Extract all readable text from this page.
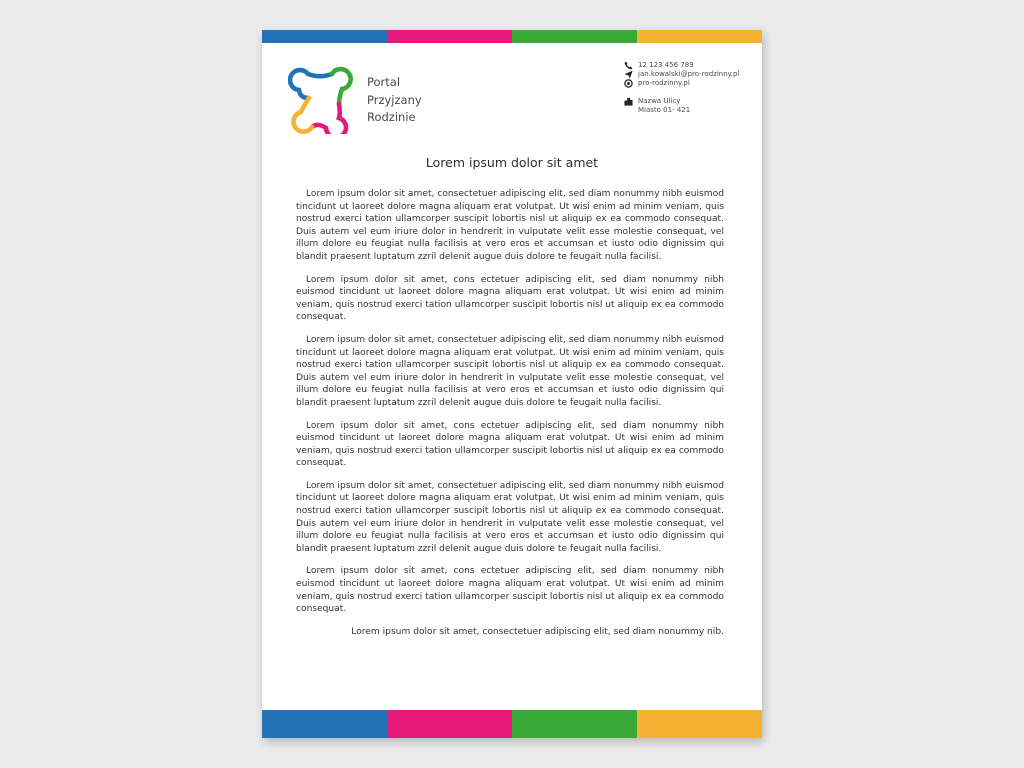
Portal
Przyjzany
Rodzinie
12 123 456 789
jan.kowalski@pro-rodzinny.pl
pro-rodzinny.pl
Nazwa Ulicy
Miasto 01- 421
Lorem ipsum dolor sit amet

Lorem ipsum dolor sit amet, consectetuer adipiscing elit, sed diam nonummy nibh euismod tincidunt ut laoreet dolore magna aliquam erat volutpat. Ut wisi enim ad minim veniam, quis nostrud exerci tation ullamcorper suscipit lobortis nisl ut aliquip ex ea commodo consequat. Duis autem vel eum iriure dolor in hendrerit in vulputate velit esse molestie consequat, vel illum dolore eu feugiat nulla facilisis at vero eros et accumsan et iusto odio dignissim qui blandit praesent luptatum zzril delenit augue duis dolore te feugait nulla facilisi.

Lorem ipsum dolor sit amet, cons ectetuer adipiscing elit, sed diam nonummy nibh euismod tincidunt ut laoreet dolore magna aliquam erat volutpat. Ut wisi enim ad minim veniam, quis nostrud exerci tation ullamcorper suscipit lobortis nisl ut aliquip ex ea commodo consequat.

Lorem ipsum dolor sit amet, consectetuer adipiscing elit, sed diam nonummy nibh euismod tincidunt ut laoreet dolore magna aliquam erat volutpat. Ut wisi enim ad minim veniam, quis nostrud exerci tation ullamcorper suscipit lobortis nisl ut aliquip ex ea commodo consequat. Duis autem vel eum iriure dolor in hendrerit in vulputate velit esse molestie consequat, vel illum dolore eu feugiat nulla facilisis at vero eros et accumsan et iusto odio dignissim qui blandit praesent luptatum zzril delenit augue duis dolore te feugait nulla facilisi.

Lorem ipsum dolor sit amet, cons ectetuer adipiscing elit, sed diam nonummy nibh euismod tincidunt ut laoreet dolore magna aliquam erat volutpat. Ut wisi enim ad minim veniam, quis nostrud exerci tation ullamcorper suscipit lobortis nisl ut aliquip ex ea commodo consequat.

Lorem ipsum dolor sit amet, consectetuer adipiscing elit, sed diam nonummy nibh euismod tincidunt ut laoreet dolore magna aliquam erat volutpat. Ut wisi enim ad minim veniam, quis nostrud exerci tation ullamcorper suscipit lobortis nisl ut aliquip ex ea commodo consequat. Duis autem vel eum iriure dolor in hendrerit in vulputate velit esse molestie consequat, vel illum dolore eu feugiat nulla facilisis at vero eros et accumsan et iusto odio dignissim qui blandit praesent luptatum zzril delenit augue duis dolore te feugait nulla facilisi.

Lorem ipsum dolor sit amet, cons ectetuer adipiscing elit, sed diam nonummy nibh euismod tincidunt ut laoreet dolore magna aliquam erat volutpat. Ut wisi enim ad minim veniam, quis nostrud exerci tation ullamcorper suscipit lobortis nisl ut aliquip ex ea commodo consequat.

Lorem ipsum dolor sit amet, consectetuer adipiscing elit, sed diam nonummy nib.
